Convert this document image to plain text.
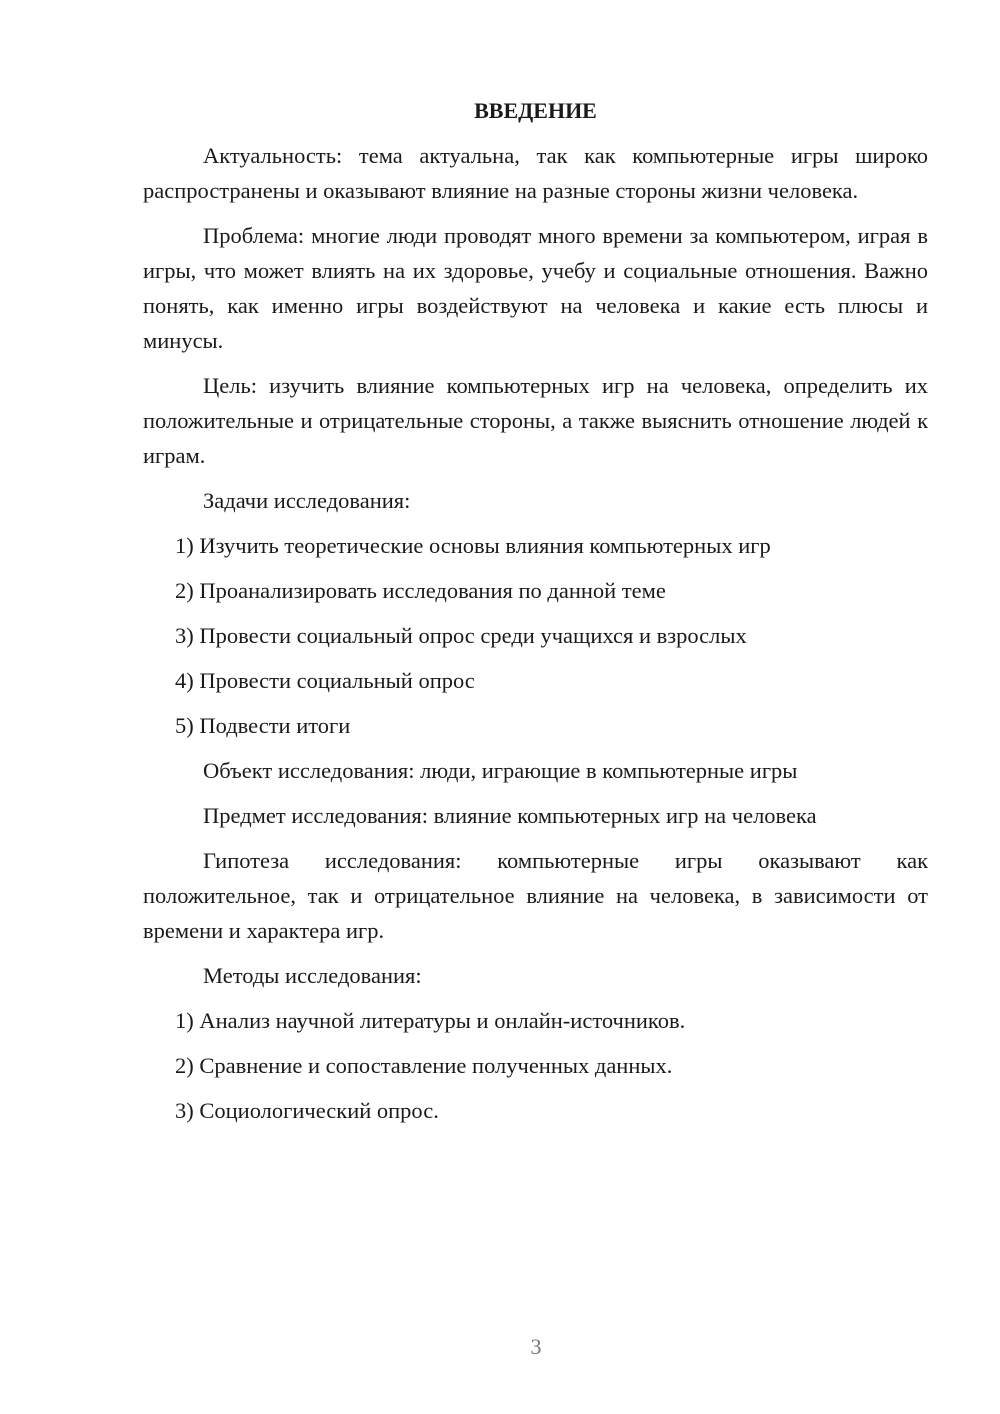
ВВЕДЕНИЕ

Актуальность: тема актуальна, так как компьютерные игры широко распространены и оказывают влияние на разные стороны жизни человека.

Проблема: многие люди проводят много времени за компьютером, играя в игры, что может влиять на их здоровье, учебу и социальные отношения. Важно понять, как именно игры воздействуют на человека и какие есть плюсы и минусы.

Цель: изучить влияние компьютерных игр на человека, определить их положительные и отрицательные стороны, а также выяснить отношение людей к играм.

Задачи исследования:

1) Изучить теоретические основы влияния компьютерных игр
2) Проанализировать исследования по данной теме
3) Провести социальный опрос среди учащихся и взрослых
4) Провести социальный опрос
5) Подвести итоги

Объект исследования: люди, играющие в компьютерные игры

Предмет исследования: влияние компьютерных игр на человека

Гипотеза исследования: компьютерные игры оказывают как положительное, так и отрицательное влияние на человека, в зависимости от времени и характера игр.

Методы исследования:

1) Анализ научной литературы и онлайн-источников.
2) Сравнение и сопоставление полученных данных.
3) Социологический опрос.
3
